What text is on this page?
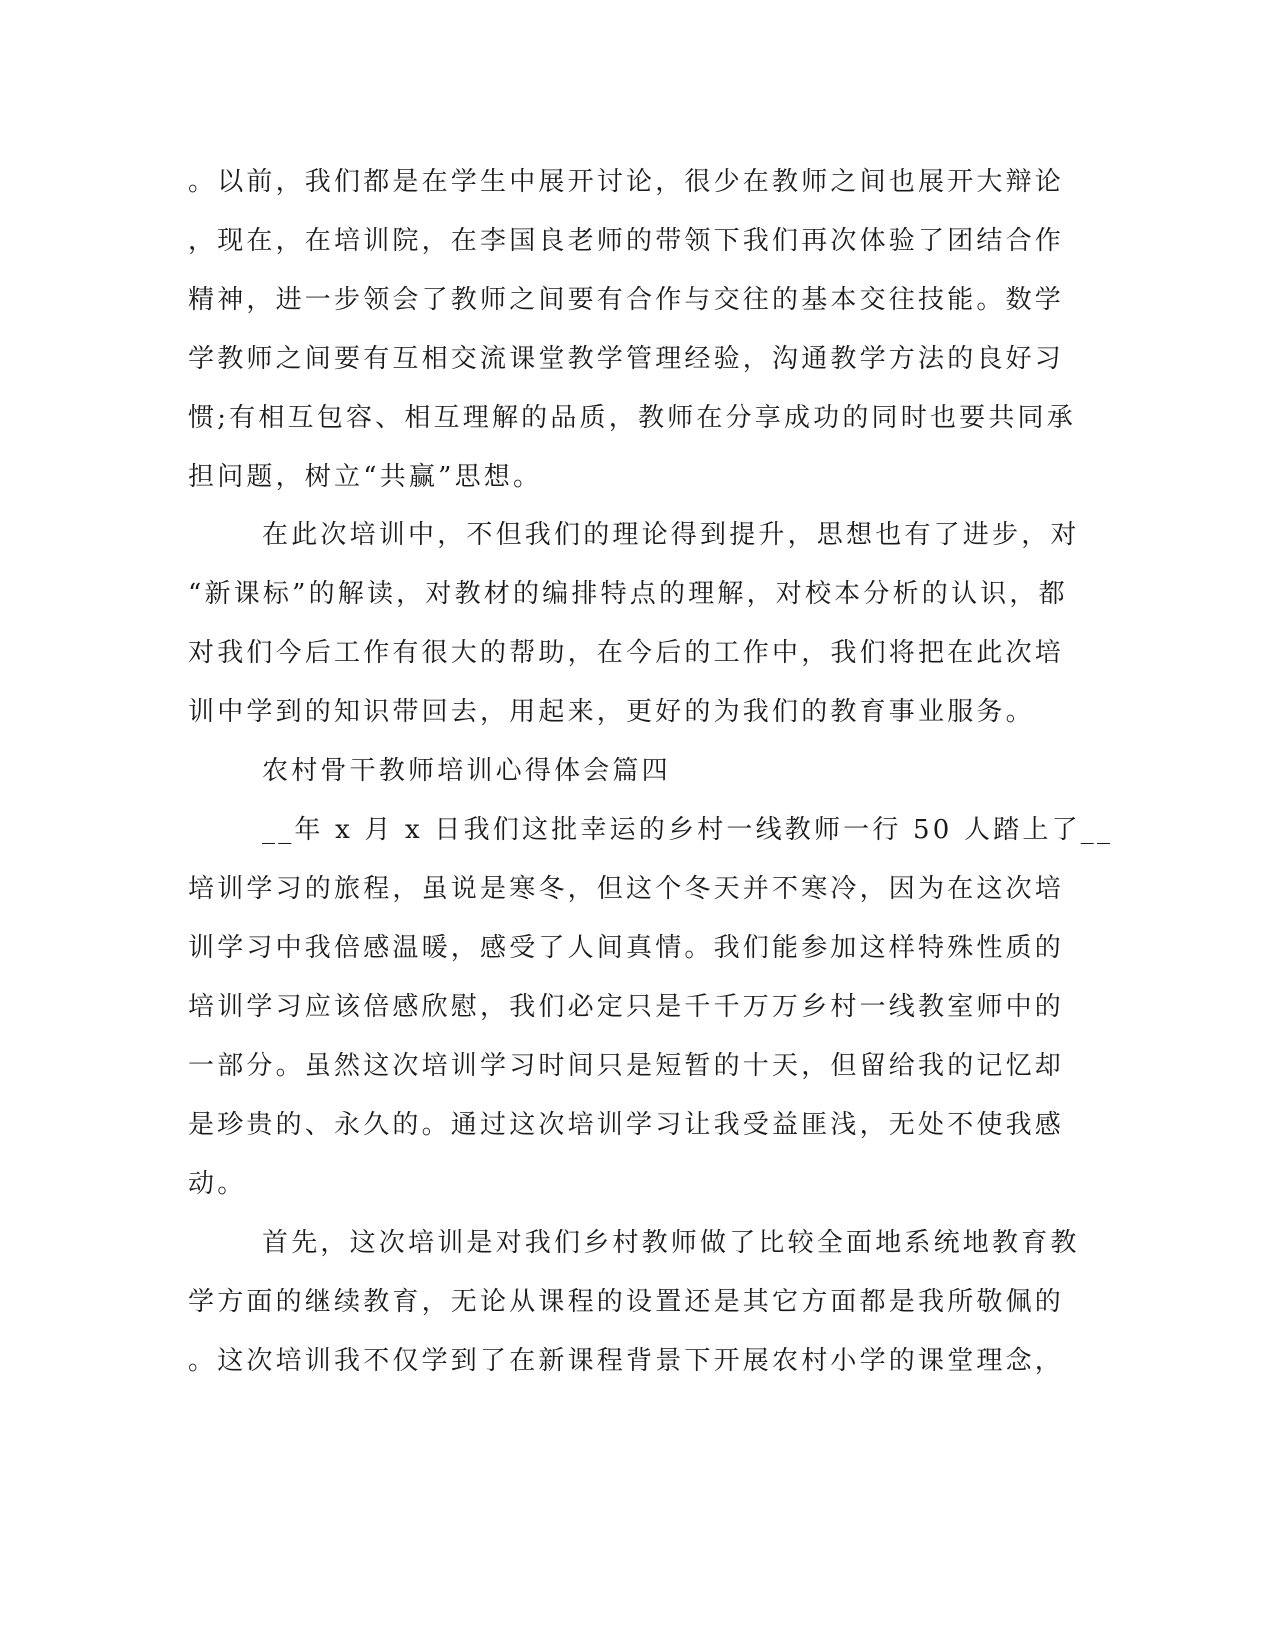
。以前，我们都是在学生中展开讨论，很少在教师之间也展开大辩论
，现在，在培训院，在李国良老师的带领下我们再次体验了团结合作
精神，进一步领会了教师之间要有合作与交往的基本交往技能。数学
学教师之间要有互相交流课堂教学管理经验，沟通教学方法的良好习
惯;有相互包容、相互理解的品质，教师在分享成功的同时也要共同承
担问题，树立“共赢”思想。
在此次培训中，不但我们的理论得到提升，思想也有了进步，对
“新课标”的解读，对教材的编排特点的理解，对校本分析的认识，都
对我们今后工作有很大的帮助，在今后的工作中，我们将把在此次培
训中学到的知识带回去，用起来，更好的为我们的教育事业服务。
农村骨干教师培训心得体会篇四
__年 x 月 x 日我们这批幸运的乡村一线教师一行 50 人踏上了__
培训学习的旅程，虽说是寒冬，但这个冬天并不寒冷，因为在这次培
训学习中我倍感温暖，感受了人间真情。我们能参加这样特殊性质的
培训学习应该倍感欣慰，我们必定只是千千万万乡村一线教室师中的
一部分。虽然这次培训学习时间只是短暂的十天，但留给我的记忆却
是珍贵的、永久的。通过这次培训学习让我受益匪浅，无处不使我感
动。
首先，这次培训是对我们乡村教师做了比较全面地系统地教育教
学方面的继续教育，无论从课程的设置还是其它方面都是我所敬佩的
。这次培训我不仅学到了在新课程背景下开展农村小学的课堂理念，
